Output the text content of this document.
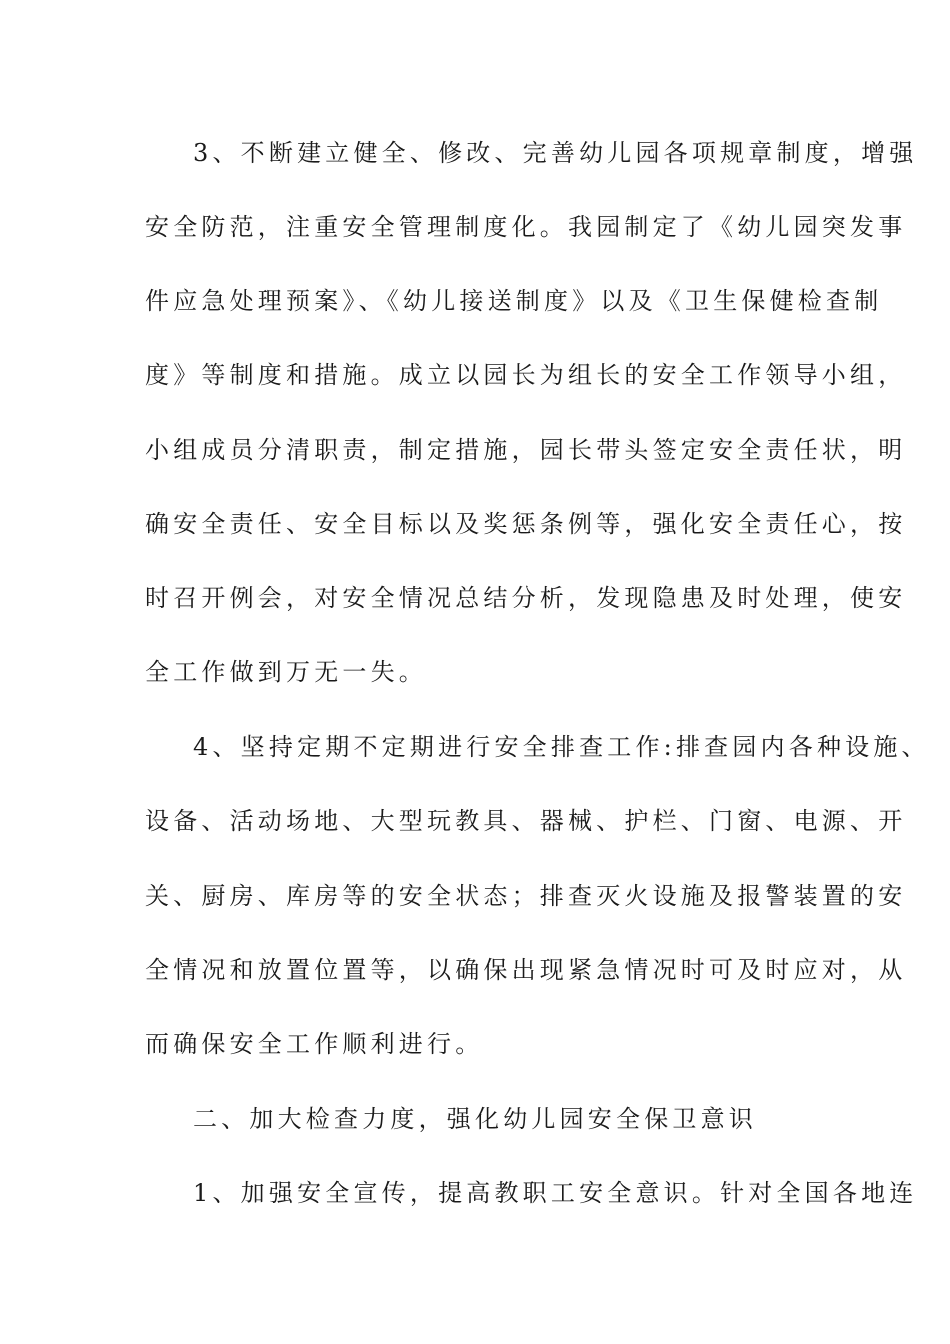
3、不断建立健全、修改、完善幼儿园各项规章制度，增强
安全防范，注重安全管理制度化。我园制定了《幼儿园突发事
件应急处理预案》、《幼儿接送制度》以及《卫生保健检查制
度》等制度和措施。成立以园长为组长的安全工作领导小组，
小组成员分清职责，制定措施，园长带头签定安全责任状，明
确安全责任、安全目标以及奖惩条例等，强化安全责任心，按
时召开例会，对安全情况总结分析，发现隐患及时处理，使安
全工作做到万无一失。
4、坚持定期不定期进行安全排查工作:排查园内各种设施、
设备、活动场地、大型玩教具、器械、护栏、门窗、电源、开
关、厨房、库房等的安全状态；排查灭火设施及报警装置的安
全情况和放置位置等，以确保出现紧急情况时可及时应对，从
而确保安全工作顺利进行。
二、加大检查力度，强化幼儿园安全保卫意识
1、加强安全宣传，提高教职工安全意识。针对全国各地连
